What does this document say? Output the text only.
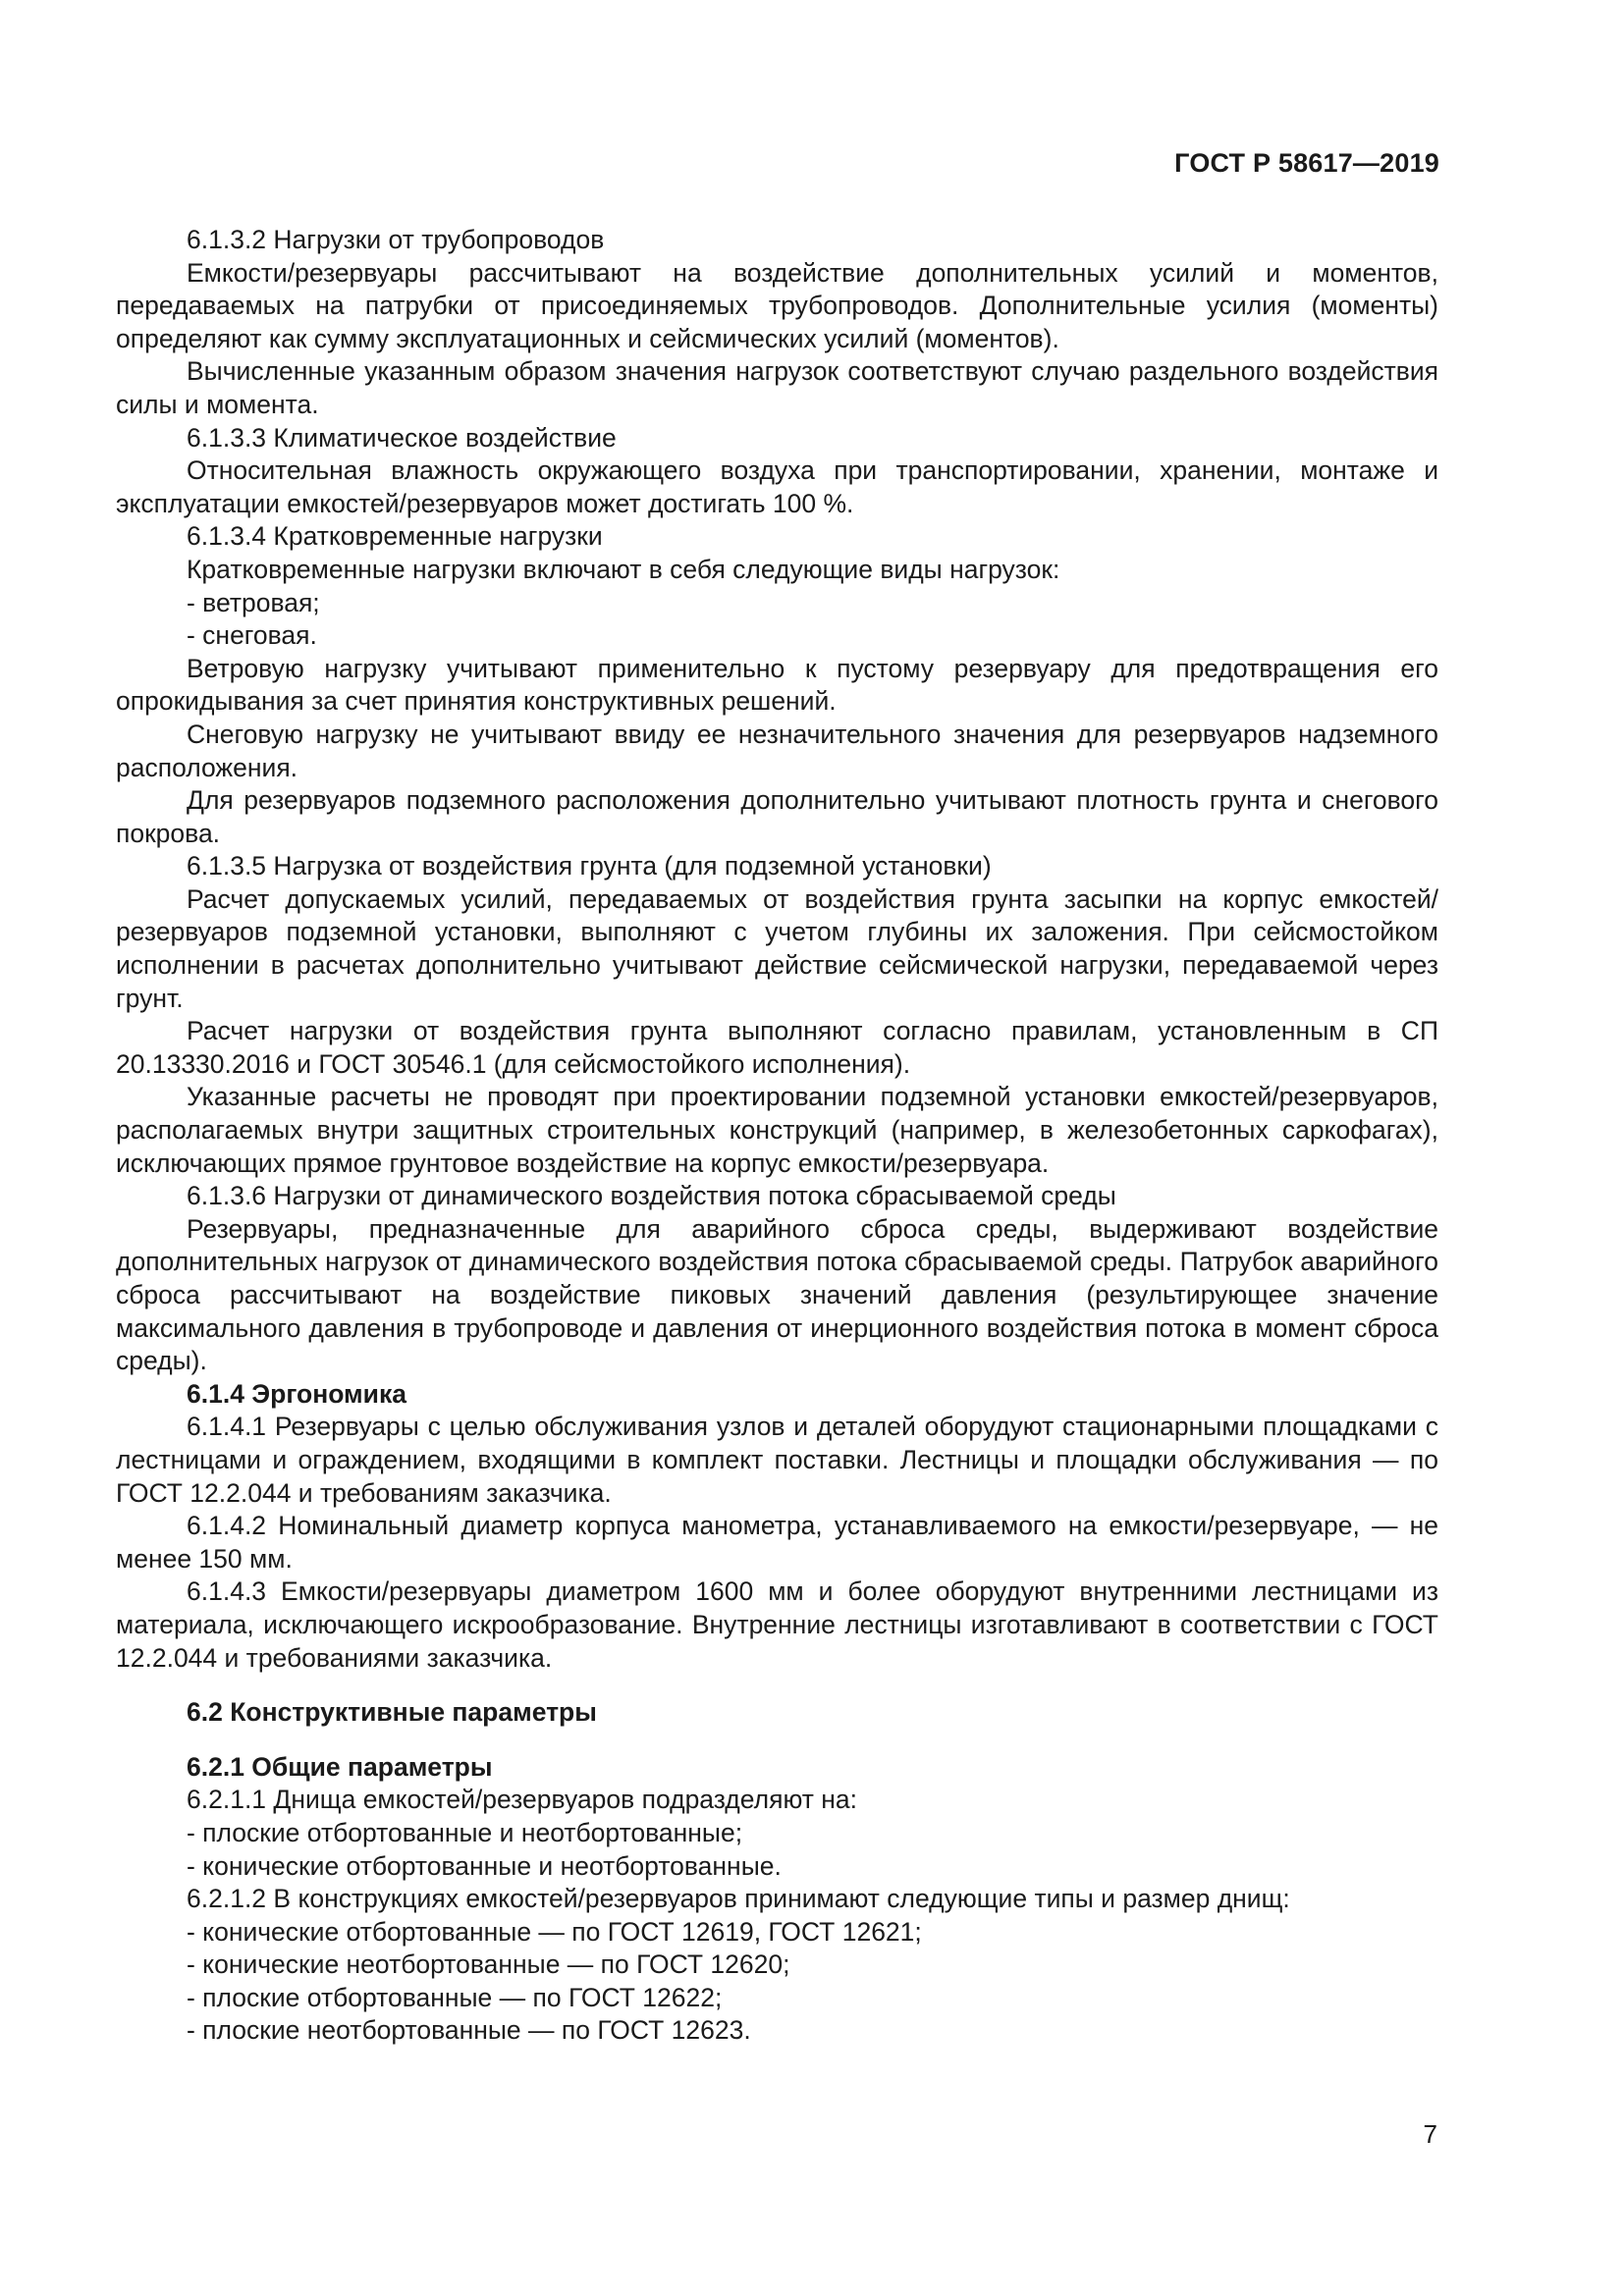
ГОСТ Р 58617—2019
6.1.3.2 Нагрузки от трубопроводов
Емкости/резервуары рассчитывают на воздействие дополнительных усилий и моментов, передаваемых на патрубки от присоединяемых трубопроводов. Дополнительные усилия (моменты) определяют как сумму эксплуатационных и сейсмических усилий (моментов).
Вычисленные указанным образом значения нагрузок соответствуют случаю раздельного воздействия силы и момента.
6.1.3.3 Климатическое воздействие
Относительная влажность окружающего воздуха при транспортировании, хранении, монтаже и эксплуатации емкостей/резервуаров может достигать 100 %.
6.1.3.4 Кратковременные нагрузки
Кратковременные нагрузки включают в себя следующие виды нагрузок:
- ветровая;
- снеговая.
Ветровую нагрузку учитывают применительно к пустому резервуару для предотвращения его опрокидывания за счет принятия конструктивных решений.
Снеговую нагрузку не учитывают ввиду ее незначительного значения для резервуаров надземного расположения.
Для резервуаров подземного расположения дополнительно учитывают плотность грунта и снегового покрова.
6.1.3.5 Нагрузка от воздействия грунта (для подземной установки)
Расчет допускаемых усилий, передаваемых от воздействия грунта засыпки на корпус емкостей/ резервуаров подземной установки, выполняют с учетом глубины их заложения. При сейсмостойком исполнении в расчетах дополнительно учитывают действие сейсмической нагрузки, передаваемой через грунт.
Расчет нагрузки от воздействия грунта выполняют согласно правилам, установленным в СП 20.13330.2016 и ГОСТ 30546.1 (для сейсмостойкого исполнения).
Указанные расчеты не проводят при проектировании подземной установки емкостей/резервуаров, располагаемых внутри защитных строительных конструкций (например, в железобетонных саркофагах), исключающих прямое грунтовое воздействие на корпус емкости/резервуара.
6.1.3.6 Нагрузки от динамического воздействия потока сбрасываемой среды
Резервуары, предназначенные для аварийного сброса среды, выдерживают воздействие дополнительных нагрузок от динамического воздействия потока сбрасываемой среды. Патрубок аварийного сброса рассчитывают на воздействие пиковых значений давления (результирующее значение максимального давления в трубопроводе и давления от инерционного воздействия потока в момент сброса среды).
6.1.4 Эргономика
6.1.4.1 Резервуары с целью обслуживания узлов и деталей оборудуют стационарными площадками с лестницами и ограждением, входящими в комплект поставки. Лестницы и площадки обслуживания — по ГОСТ 12.2.044 и требованиям заказчика.
6.1.4.2 Номинальный диаметр корпуса манометра, устанавливаемого на емкости/резервуаре, — не менее 150 мм.
6.1.4.3 Емкости/резервуары диаметром 1600 мм и более оборудуют внутренними лестницами из материала, исключающего искрообразование. Внутренние лестницы изготавливают в соответствии с ГОСТ 12.2.044 и требованиями заказчика.
6.2 Конструктивные параметры
6.2.1 Общие параметры
6.2.1.1 Днища емкостей/резервуаров подразделяют на:
- плоские отбортованные и неотбортованные;
- конические отбортованные и неотбортованные.
6.2.1.2 В конструкциях емкостей/резервуаров принимают следующие типы и размер днищ:
- конические отбортованные — по ГОСТ 12619, ГОСТ 12621;
- конические неотбортованные — по ГОСТ 12620;
- плоские отбортованные — по ГОСТ 12622;
- плоские неотбортованные — по ГОСТ 12623.
7
